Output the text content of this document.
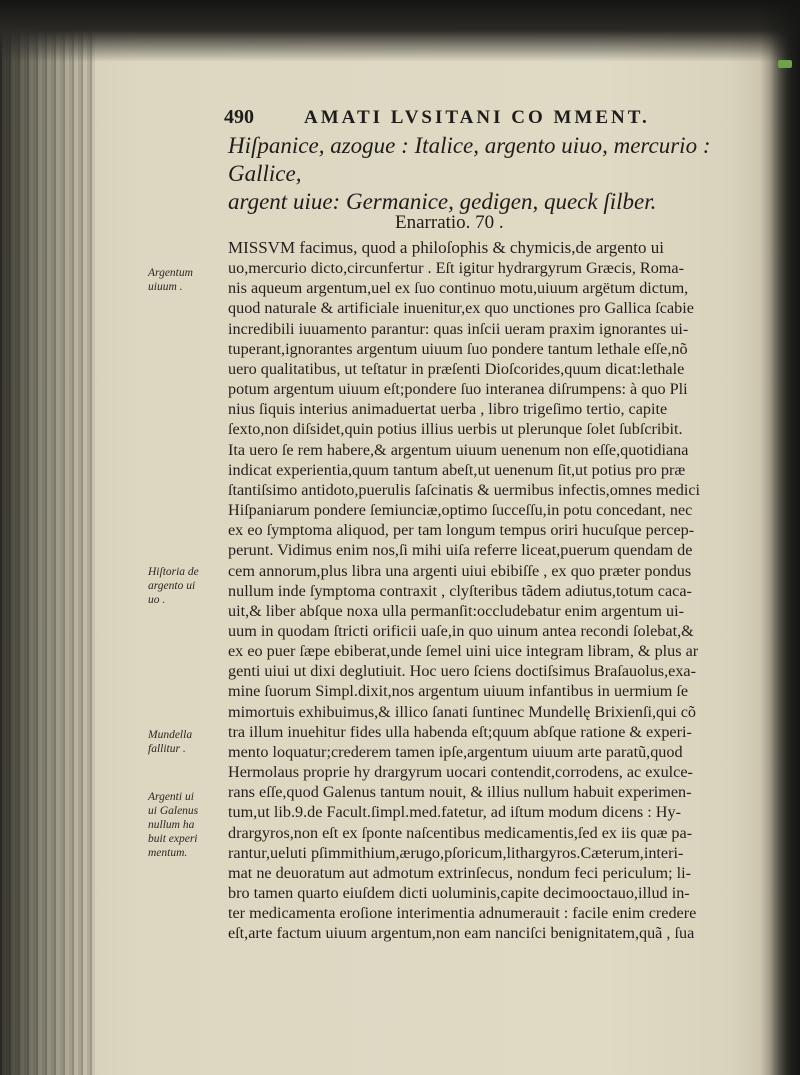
490	AMATI LVSITANI CO MMENT.
Hiſpanice, azogue : Italice, argento uiuo, mercurio : Gallice,
argent uiue: Germanice, gedigen, queck ſilber.
Enarratio. 70 .
Argentum
uiuum .
Hiſtoria de
argento ui
uo .
Mundella
fallitur .
Argenti ui
ui Galenus
nullum ha
buit experi
mentum.
MISSVM facimus, quod a philoſophis & chymicis,de argento ui
uo,mercurio dicto,circunfertur . Eſt igitur hydrargyrum Græcis, Roma-
nis aqueum argentum,uel ex ſuo continuo motu,uiuum argëtum dictum,
quod naturale & artificiale inuenitur,ex quo unctiones pro Gallica ſcabie
incredibili iuuamento parantur: quas inſcii ueram praxim ignorantes ui-
tuperant,ignorantes argentum uiuum ſuo pondere tantum lethale eſſe,nõ
uero qualitatibus, ut teſtatur in præſenti Dioſcorides,quum dicat:lethale
potum argentum uiuum eſt;pondere ſuo interanea diſrumpens: à quo Pli
nius ſiquis interius animaduertat uerba , libro trigeſimo tertio, capite
ſexto,non diſsidet,quin potius illius uerbis ut plerunque ſolet ſubſcribit.
Ita uero ſe rem habere,& argentum uiuum uenenum non eſſe,quotidiana
indicat experientia,quum tantum abeſt,ut uenenum ſit,ut potius pro præ
ſtantiſsimo antidoto,puerulis ſaſcinatis & uermibus infectis,omnes medici
Hiſpaniarum pondere ſemiunciæ,optimo ſucceſſu,in potu concedant, nec
ex eo ſymptoma aliquod, per tam longum tempus oriri hucuſque percep-
perunt. Vidimus enim nos,ſi mihi uiſa referre liceat,puerum quendam de
cem annorum,plus libra una argenti uiui ebibiſſe , ex quo præter pondus
nullum inde ſymptoma contraxit , clyſteribus tãdem adiutus,totum caca-
uit,& liber abſque noxa ulla permanſit:occludebatur enim argentum ui-
uum in quodam ſtricti orificii uaſe,in quo uinum antea recondi ſolebat,&
ex eo puer ſæpe ebiberat,unde ſemel uini uice integram libram, & plus ar
genti uiui ut dixi deglutiuit. Hoc uero ſciens doctiſsimus Braſauolus,exa-
mine ſuorum Simpl.dixit,nos argentum uiuum infantibus in uermium ſe
mimortuis exhibuimus,& illico ſanati ſuntinec Mundellę Brixienſi,qui cõ
tra illum inuehitur fides ulla habenda eſt;quum abſque ratione & experi-
mento loquatur;crederem tamen ipſe,argentum uiuum arte paratũ,quod
Hermolaus proprie hy drargyrum uocari contendit,corrodens, ac exulce-
rans eſſe,quod Galenus tantum nouit, & illius nullum habuit experimen-
tum,ut lib.9.de Facult.ſimpl.med.fatetur, ad iſtum modum dicens : Hy-
drargyros,non eſt ex ſponte naſcentibus medicamentis,ſed ex iis quæ pa-
rantur,ueluti pſimmithium,ærugo,pſoricum,lithargyros.Cæterum,interi-
mat ne deuoratum aut admotum extrinſecus, nondum feci periculum; li-
bro tamen quarto eiuſdem dicti uoluminis,capite decimooctauo,illud in-
ter medicamenta eroſione interimentia adnumerauit : facile enim credere
eſt,arte factum uiuum argentum,non eam nanciſci benignitatem,quã , ſua
